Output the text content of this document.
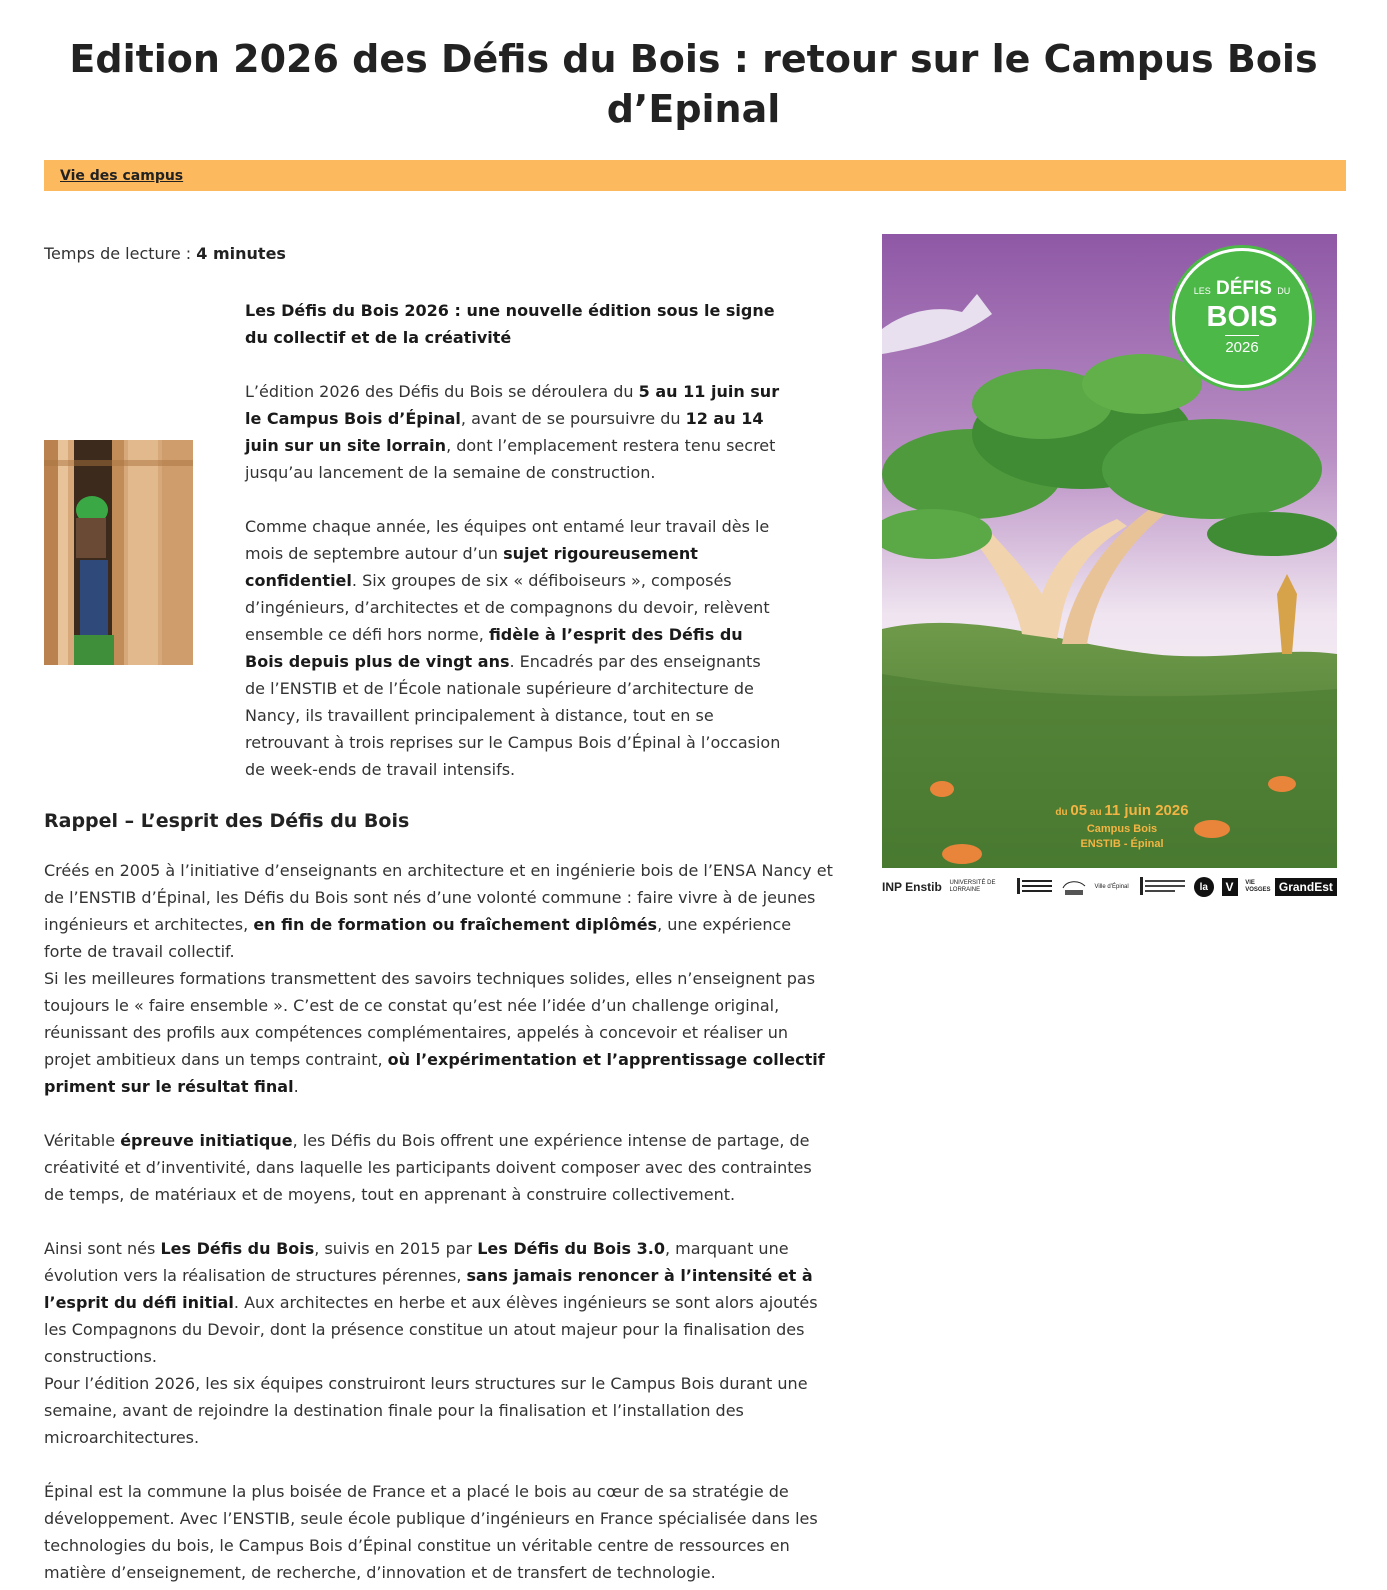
Edition 2026 des Défis du Bois : retour sur le Campus Bois d’Epinal
Vie des campus
Temps de lecture : 4 minutes

Les Défis du Bois 2026 : une nouvelle édition sous le signe du collectif et de la créativité

L’édition 2026 des Défis du Bois se déroulera du 5 au 11 juin sur le Campus Bois d’Épinal, avant de se poursuivre du 12 au 14 juin sur un site lorrain, dont l’emplacement restera tenu secret jusqu’au lancement de la semaine de construction.

Comme chaque année, les équipes ont entamé leur travail dès le mois de septembre autour d’un sujet rigoureusement confidentiel. Six groupes de six « défiboiseurs », composés d’ingénieurs, d’architectes et de compagnons du devoir, relèvent ensemble ce défi hors norme, fidèle à l’esprit des Défis du Bois depuis plus de vingt ans. Encadrés par des enseignants de l’ENSTIB et de l’École nationale supérieure d’architecture de Nancy, ils travaillent principalement à distance, tout en se retrouvant à trois reprises sur le Campus Bois d’Épinal à l’occasion de week-ends de travail intensifs.

Rappel – L’esprit des Défis du Bois

Créés en 2005 à l’initiative d’enseignants en architecture et en ingénierie bois de l’ENSA Nancy et de l’ENSTIB d’Épinal, les Défis du Bois sont nés d’une volonté commune : faire vivre à de jeunes ingénieurs et architectes, en fin de formation ou fraîchement diplômés, une expérience forte de travail collectif.

Si les meilleures formations transmettent des savoirs techniques solides, elles n’enseignent pas toujours le « faire ensemble ». C’est de ce constat qu’est née l’idée d’un challenge original, réunissant des profils aux compétences complémentaires, appelés à concevoir et réaliser un projet ambitieux dans un temps contraint, où l’expérimentation et l’apprentissage collectif priment sur le résultat final.

Véritable épreuve initiatique, les Défis du Bois offrent une expérience intense de partage, de créativité et d’inventivité, dans laquelle les participants doivent composer avec des contraintes de temps, de matériaux et de moyens, tout en apprenant à construire collectivement.

Ainsi sont nés Les Défis du Bois, suivis en 2015 par Les Défis du Bois 3.0, marquant une évolution vers la réalisation de structures pérennes, sans jamais renoncer à l’intensité et à l’esprit du défi initial. Aux architectes en herbe et aux élèves ingénieurs se sont alors ajoutés les Compagnons du Devoir, dont la présence constitue un atout majeur pour la finalisation des constructions.

Pour l’édition 2026, les six équipes construiront leurs structures sur le Campus Bois durant une semaine, avant de rejoindre la destination finale pour la finalisation et l’installation des microarchitectures.

Épinal est la commune la plus boisée de France et a placé le bois au cœur de sa stratégie de développement. Avec l’ENSTIB, seule école publique d’ingénieurs en France spécialisée dans les technologies du bois, le Campus Bois d’Épinal constitue un véritable centre de ressources en matière d’enseignement, de recherche, d’innovation et de transfert de technologie.

LES DÉFIS DU
BOIS
2026
du 05 au 11 juin 2026
Campus Bois
ENSTIB - Épinal
INP Enstib UNIVERSITÉ DE LORRAINE
Ville d’Épinal	la	V	VIE VOSGES GrandEst
